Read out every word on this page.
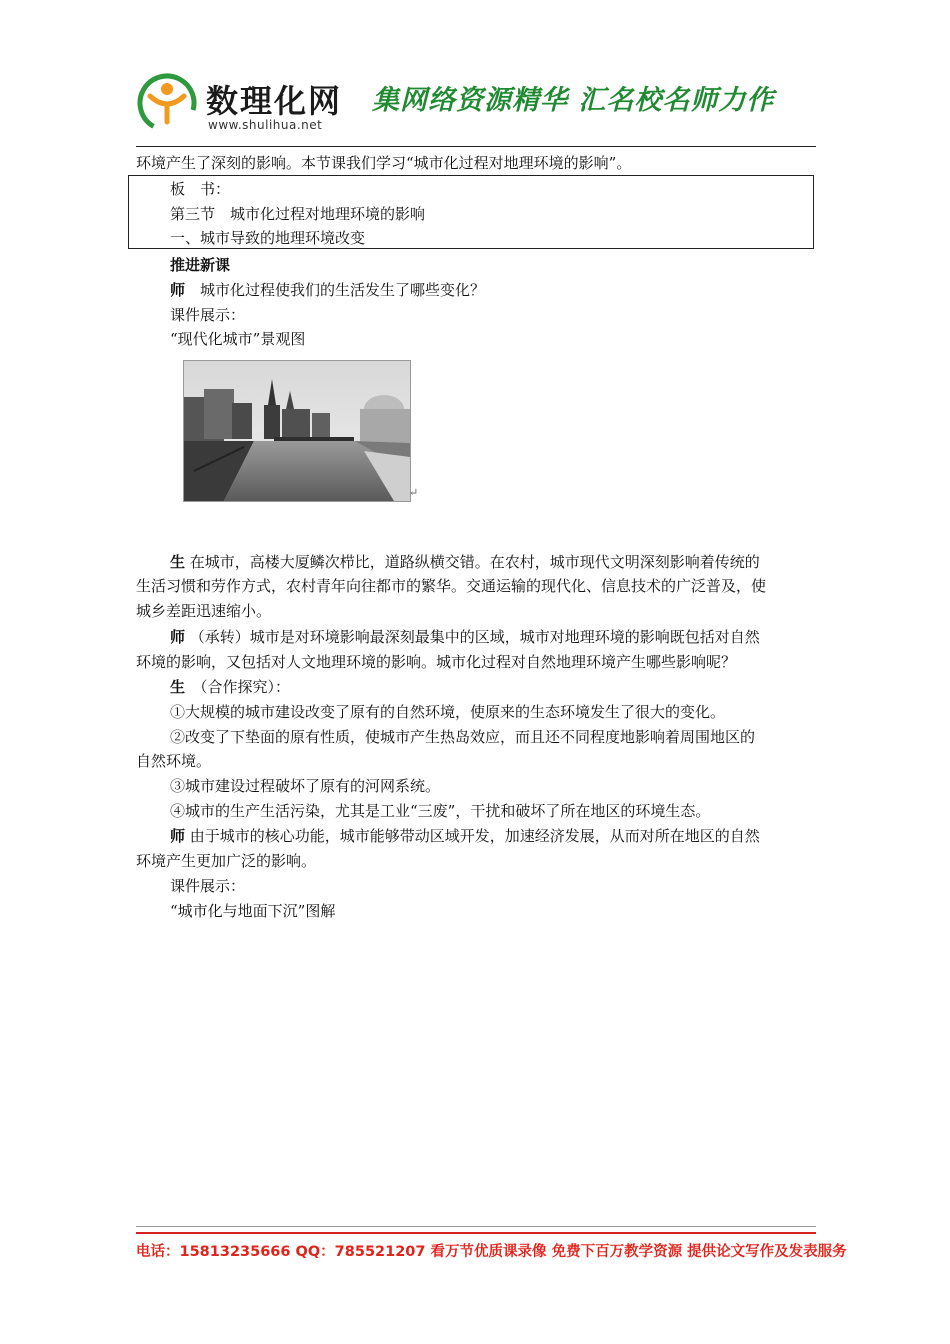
数理化网
www.shulihua.net
集网络资源精华 汇名校名师力作
环境产生了深刻的影响。本节课我们学习“城市化过程对地理环境的影响”。
板　书：
第三节　城市化过程对地理环境的影响
一、城市导致的地理环境改变
推进新课
师　 城市化过程使我们的生活发生了哪些变化？
课件展示：
“现代化城市”景观图
↵
生 在城市，高楼大厦鳞次栉比，道路纵横交错。在农村，城市现代文明深刻影响着传统的
生活习惯和劳作方式，农村青年向往都市的繁华。交通运输的现代化、信息技术的广泛普及，使
城乡差距迅速缩小。
师 （承转）城市是对环境影响最深刻最集中的区域，城市对地理环境的影响既包括对自然
环境的影响，又包括对人文地理环境的影响。城市化过程对自然地理环境产生哪些影响呢？
生　 （合作探究）：
①大规模的城市建设改变了原有的自然环境，使原来的生态环境发生了很大的变化。
②改变了下垫面的原有性质，使城市产生热岛效应，而且还不同程度地影响着周围地区的
自然环境。
③城市建设过程破坏了原有的河网系统。
④城市的生产生活污染，尤其是工业“三废”，干扰和破坏了所在地区的环境生态。
师 由于城市的核心功能，城市能够带动区域开发，加速经济发展，从而对所在地区的自然
环境产生更加广泛的影响。
课件展示：
“城市化与地面下沉”图解
电话：15813235666 QQ：785521207 看万节优质课录像 免费下百万教学资源 提供论文写作及发表服务
